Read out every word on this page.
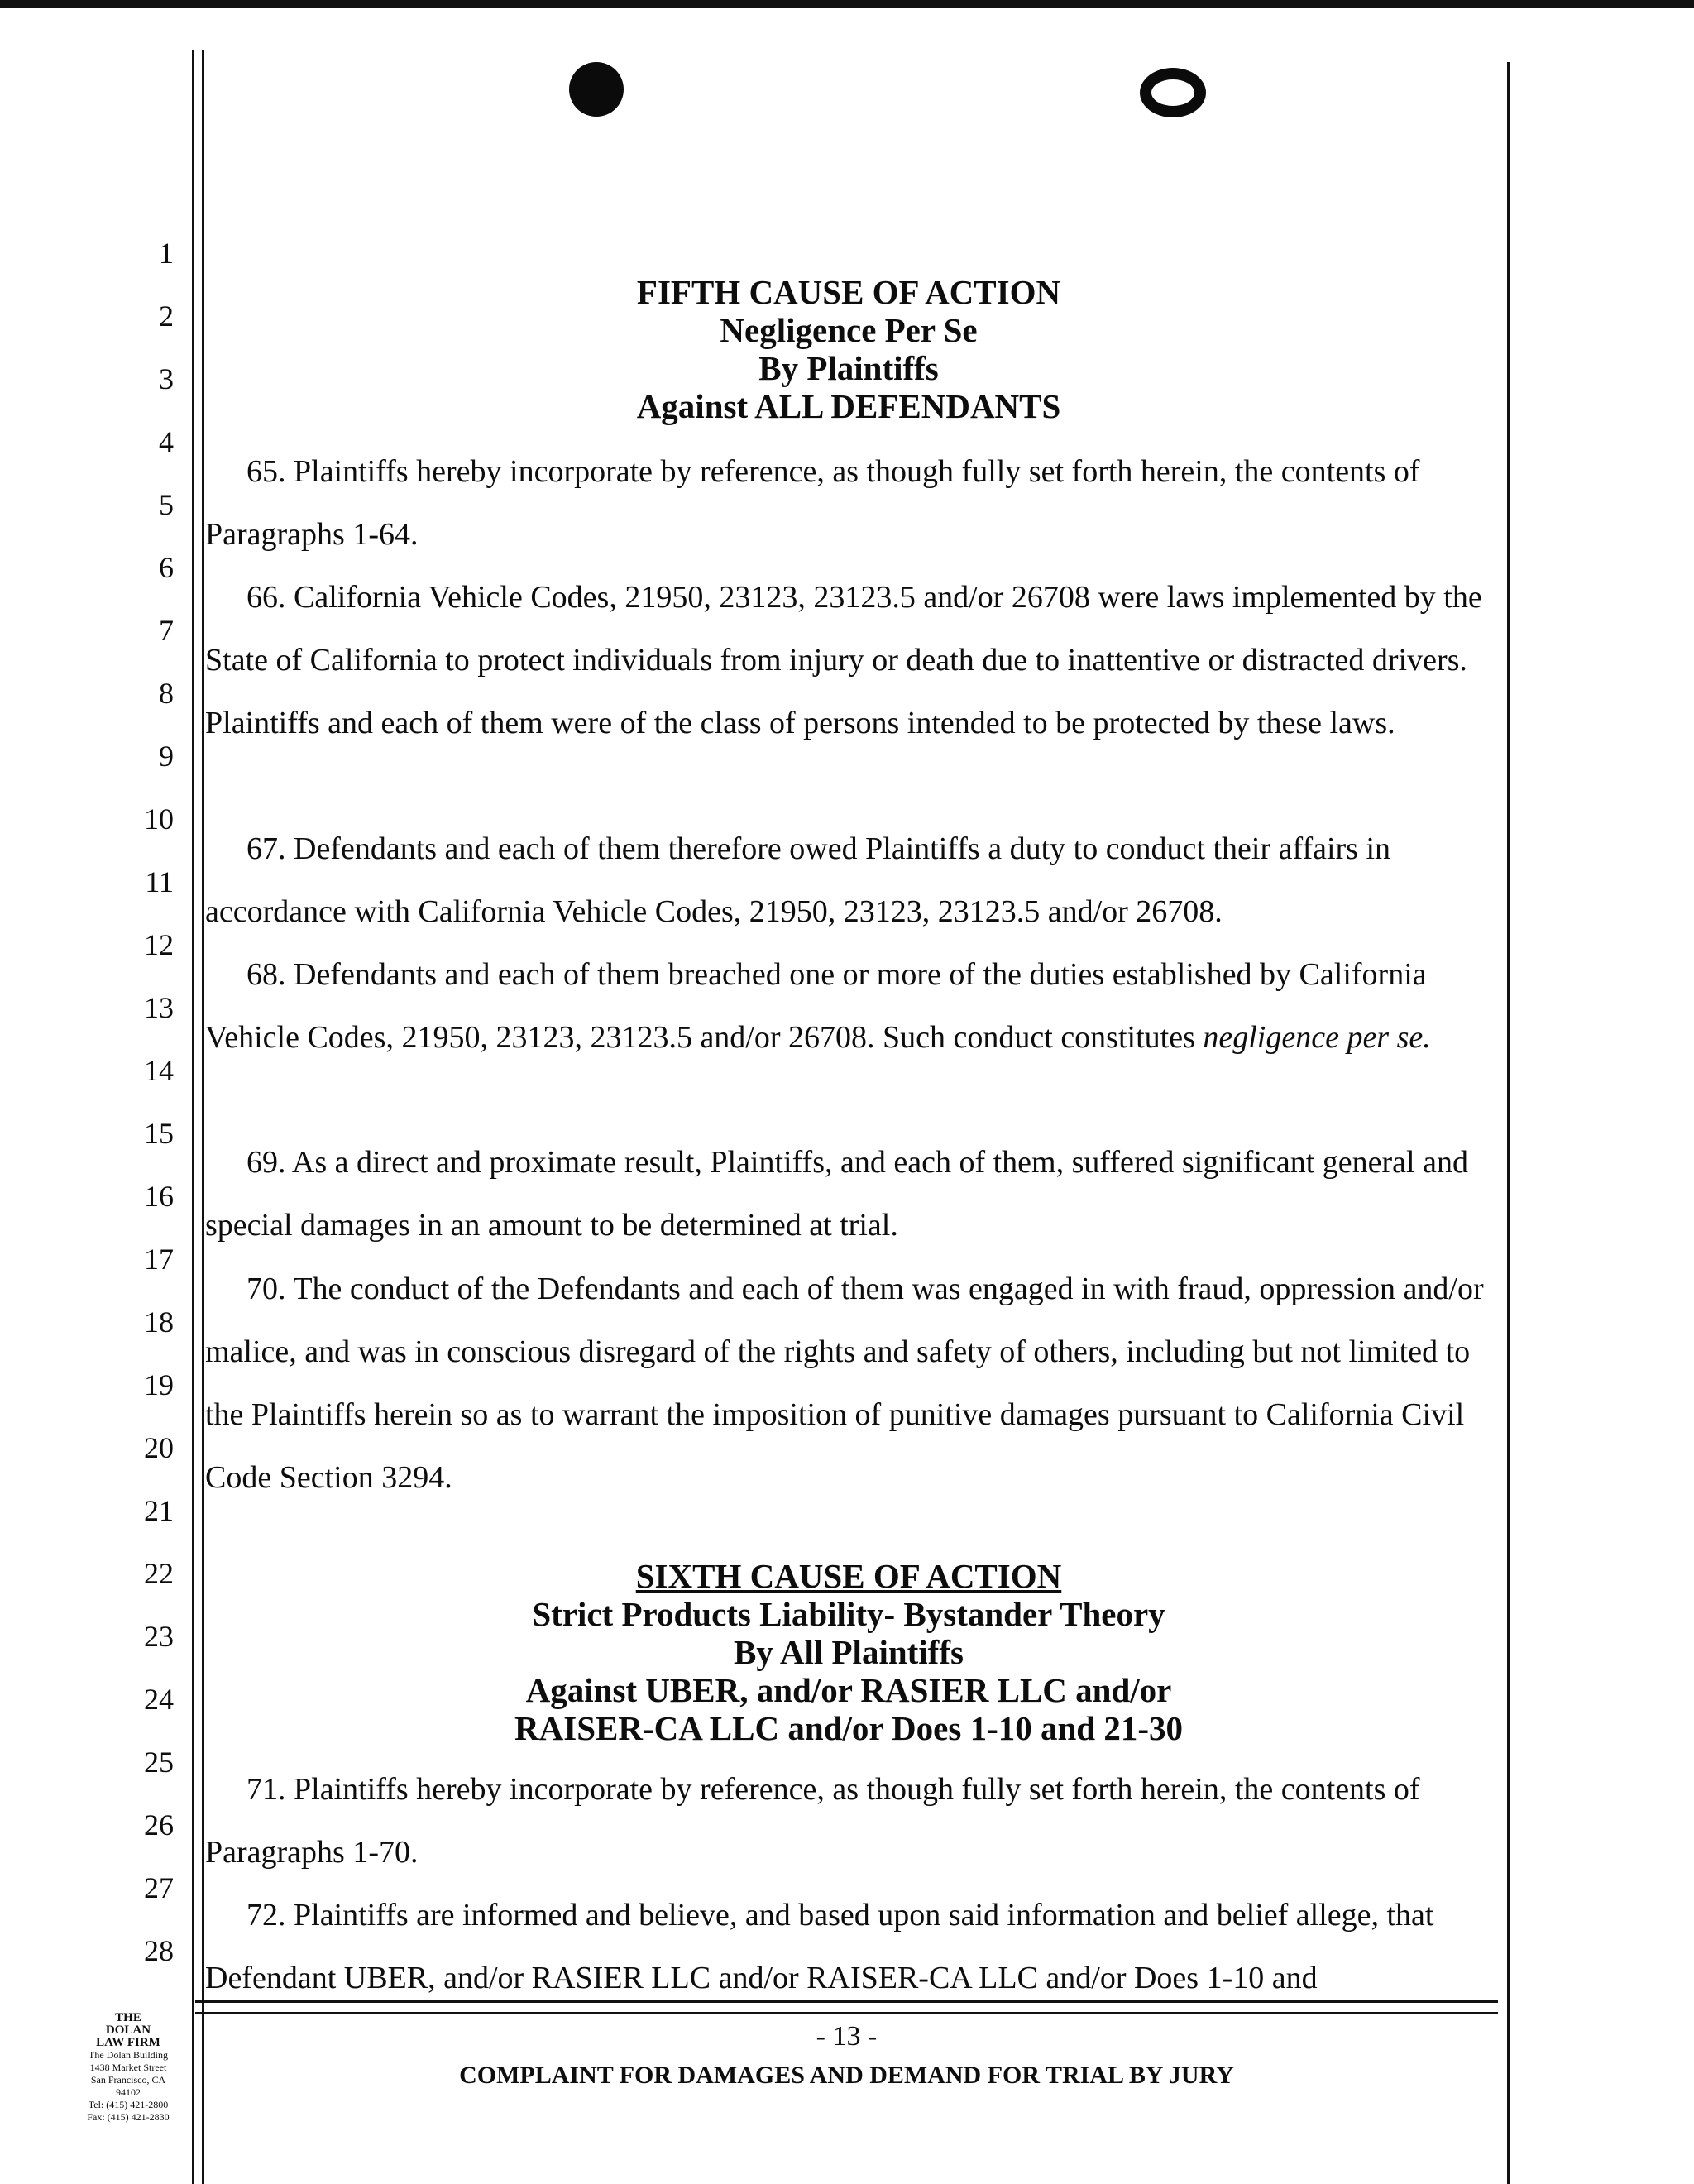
1
2
3
4
5
6
7
8
9
10
11
12
13
14
15
16
17
18
19
20
21
22
23
24
25
26
27
28
FIFTH CAUSE OF ACTION
Negligence Per Se
By Plaintiffs
Against ALL DEFENDANTS

65. Plaintiffs hereby incorporate by reference, as though fully set forth herein, the contents of Paragraphs 1-64.

66. California Vehicle Codes, 21950, 23123, 23123.5 and/or 26708 were laws implemented by the State of California to protect individuals from injury or death due to inattentive or distracted drivers. Plaintiffs and each of them were of the class of persons intended to be protected by these laws.

67. Defendants and each of them therefore owed Plaintiffs a duty to conduct their affairs in accordance with California Vehicle Codes, 21950, 23123, 23123.5 and/or 26708.

68. Defendants and each of them breached one or more of the duties established by California Vehicle Codes, 21950, 23123, 23123.5 and/or 26708. Such conduct constitutes negligence per se.

69. As a direct and proximate result, Plaintiffs, and each of them, suffered significant general and special damages in an amount to be determined at trial.

70. The conduct of the Defendants and each of them was engaged in with fraud, oppression and/or malice, and was in conscious disregard of the rights and safety of others, including but not limited to the Plaintiffs herein so as to warrant the imposition of punitive damages pursuant to California Civil Code Section 3294.

SIXTH CAUSE OF ACTION
Strict Products Liability- Bystander Theory
By All Plaintiffs
Against UBER, and/or RASIER LLC and/or
RAISER-CA LLC and/or Does 1-10 and 21-30

71. Plaintiffs hereby incorporate by reference, as though fully set forth herein, the contents of Paragraphs 1-70.

72. Plaintiffs are informed and believe, and based upon said information and belief allege, that Defendant UBER, and/or RASIER LLC and/or RAISER-CA LLC and/or Does 1-10 and

- 13 -
COMPLAINT FOR DAMAGES AND DEMAND FOR TRIAL BY JURY
THE
DOLAN
LAW FIRM
The Dolan Building
1438 Market Street
San Francisco, CA
94102
Tel: (415) 421-2800
Fax: (415) 421-2830
